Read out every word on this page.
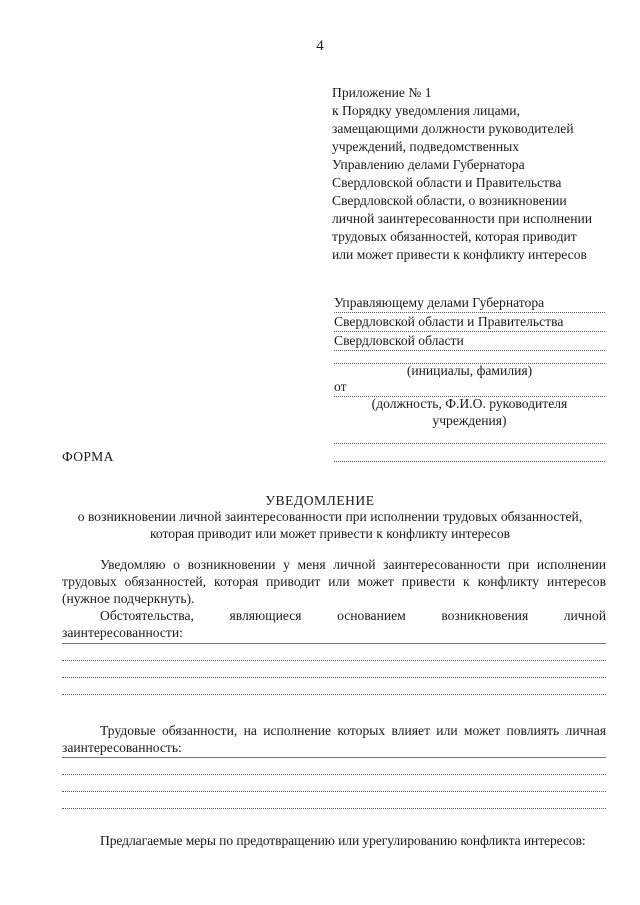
4
Приложение № 1
к Порядку уведомления лицами,
замещающими должности руководителей
учреждений, подведомственных
Управлению делами Губернатора
Свердловской области и Правительства
Свердловской области, о возникновении
личной заинтересованности при исполнении
трудовых обязанностей, которая приводит
или может привести к конфликту интересов
Управляющему делами Губернатора
Свердловской области и Правительства
Свердловской области
(инициалы, фамилия)
от
(должность, Ф.И.О. руководителя
учреждения)
ФОРМА
УВЕДОМЛЕНИЕ
о возникновении личной заинтересованности при исполнении трудовых обязанностей,
которая приводит или может привести к конфликту интересов
Уведомляю о возникновении у меня личной заинтересованности при исполнении трудовых обязанностей, которая приводит или может привести к конфликту интересов (нужное подчеркнуть).
Обстоятельства,	являющиеся	основанием	возникновения	личной
заинтересованности:
Трудовые обязанности, на исполнение которых влияет или может повлиять личная заинтересованность:
Предлагаемые меры по предотвращению или урегулированию конфликта интересов:
